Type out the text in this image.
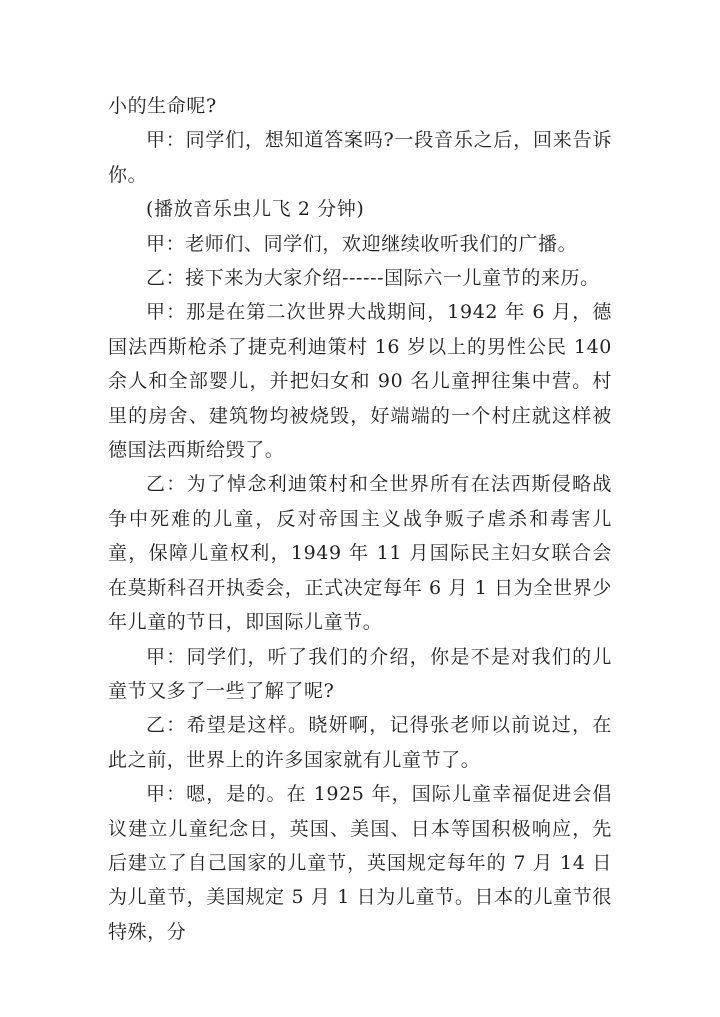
小的生命呢?

甲：同学们，想知道答案吗?一段音乐之后，回来告诉你。

(播放音乐虫儿飞 2 分钟)

甲：老师们、同学们，欢迎继续收听我们的广播。

乙：接下来为大家介绍------国际六一儿童节的来历。

甲：那是在第二次世界大战期间，1942 年 6 月，德国法西斯枪杀了捷克利迪策村 16 岁以上的男性公民 140 余人和全部婴儿，并把妇女和 90 名儿童押往集中营。村里的房舍、建筑物均被烧毁，好端端的一个村庄就这样被德国法西斯给毁了。

乙：为了悼念利迪策村和全世界所有在法西斯侵略战争中死难的儿童，反对帝国主义战争贩子虐杀和毒害儿童，保障儿童权利，1949 年 11 月国际民主妇女联合会在莫斯科召开执委会，正式决定每年 6 月 1 日为全世界少年儿童的节日，即国际儿童节。

甲：同学们，听了我们的介绍，你是不是对我们的儿童节又多了一些了解了呢?

乙：希望是这样。晓妍啊，记得张老师以前说过，在此之前，世界上的许多国家就有儿童节了。

甲：嗯，是的。在 1925 年，国际儿童幸福促进会倡议建立儿童纪念日，英国、美国、日本等国积极响应，先后建立了自己国家的儿童节，英国规定每年的 7 月 14 日为儿童节，美国规定 5 月 1 日为儿童节。日本的儿童节很特殊，分
